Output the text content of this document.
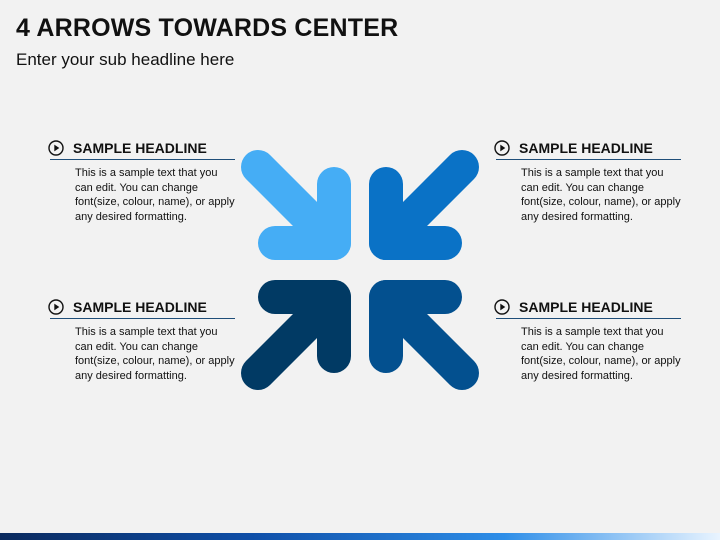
4 ARROWS TOWARDS CENTER
Enter your sub headline here
SAMPLE HEADLINE
This is a sample text that you can edit. You can change font(size, colour, name), or apply any desired formatting.
SAMPLE HEADLINE
This is a sample text that you can edit. You can change font(size, colour, name), or apply any desired formatting.
SAMPLE HEADLINE
This is a sample text that you can edit. You can change font(size, colour, name), or apply any desired formatting.
SAMPLE HEADLINE
This is a sample text that you can edit. You can change font(size, colour, name), or apply any desired formatting.
